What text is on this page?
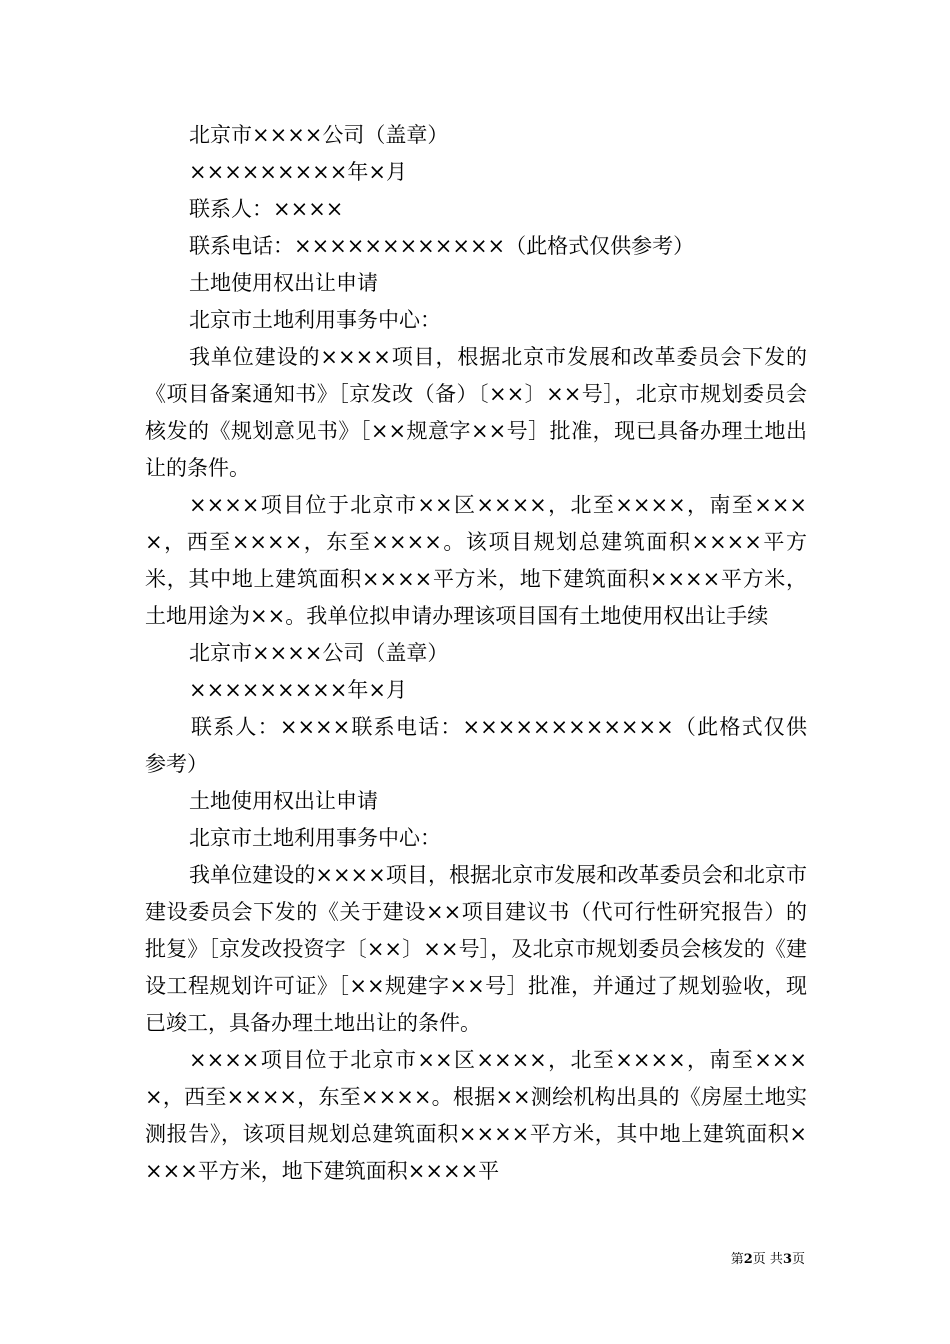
北京市××××公司（盖章）
×××××××××年×月
联系人：××××
联系电话：××××××××××××（此格式仅供参考）
土地使用权出让申请
北京市土地利用事务中心：

我单位建设的××××项目，根据北京市发展和改革委员会下发的《项目备案通知书》［京发改（备）〔××〕××号］，北京市规划委员会核发的《规划意见书》［××规意字××号］批准，现已具备办理土地出让的条件。

××××项目位于北京市××区××××，北至××××，南至××××，西至××××，东至××××。该项目规划总建筑面积××××平方米，其中地上建筑面积××××平方米，地下建筑面积××××平方米，土地用途为××。我单位拟申请办理该项目国有土地使用权出让手续

北京市××××公司（盖章）
×××××××××年×月

联系人：××××联系电话：××××××××××××（此格式仅供参考）

土地使用权出让申请
北京市土地利用事务中心：

我单位建设的××××项目，根据北京市发展和改革委员会和北京市建设委员会下发的《关于建设××项目建议书（代可行性研究报告）的批复》［京发改投资字〔××〕××号］，及北京市规划委员会核发的《建设工程规划许可证》［××规建字××号］批准，并通过了规划验收，现已竣工，具备办理土地出让的条件。

××××项目位于北京市××区××××，北至××××，南至××××，西至××××，东至××××。根据××测绘机构出具的《房屋土地实测报告》，该项目规划总建筑面积××××平方米，其中地上建筑面积××××平方米，地下建筑面积××××平

第2页 共3页
